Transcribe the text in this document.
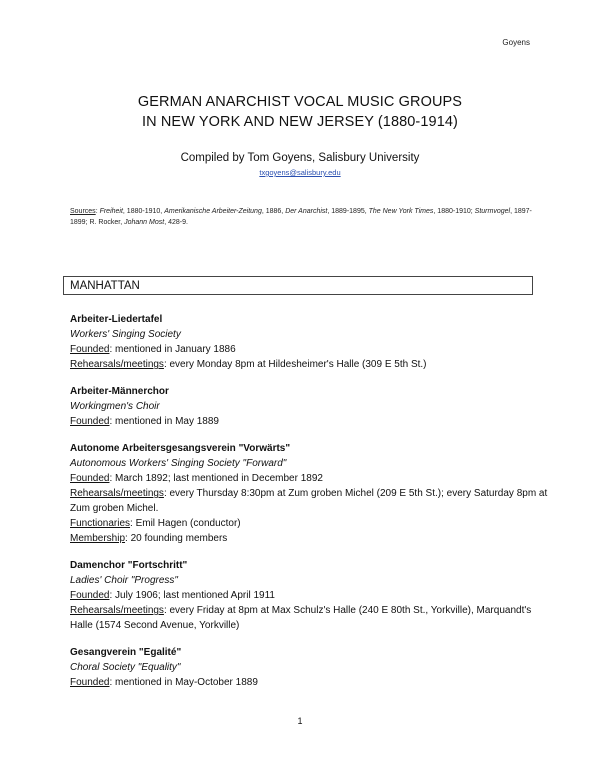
Goyens
GERMAN ANARCHIST VOCAL MUSIC GROUPS
IN NEW YORK AND NEW JERSEY (1880-1914)
Compiled by Tom Goyens, Salisbury University
txgoyens@salisbury.edu
Sources: Freiheit, 1880-1910, Amerikanische Arbeiter-Zeitung, 1886, Der Anarchist, 1889-1895, The New York Times, 1880-1910; Sturmvogel, 1897-1899; R. Rocker, Johann Most, 428-9.
MANHATTAN
Arbeiter-Liedertafel
Workers' Singing Society
Founded: mentioned in January 1886
Rehearsals/meetings: every Monday 8pm at Hildesheimer's Halle (309 E 5th St.)
Arbeiter-Männerchor
Workingmen's Choir
Founded: mentioned in May 1889
Autonome Arbeitersgesangsverein "Vorwärts"
Autonomous Workers' Singing Society "Forward"
Founded: March 1892; last mentioned in December 1892
Rehearsals/meetings: every Thursday 8:30pm at Zum groben Michel (209 E 5th St.); every Saturday 8pm at Zum groben Michel.
Functionaries: Emil Hagen (conductor)
Membership: 20 founding members
Damenchor "Fortschritt"
Ladies' Choir "Progress"
Founded: July 1906; last mentioned April 1911
Rehearsals/meetings: every Friday at 8pm at Max Schulz's Halle (240 E 80th St., Yorkville), Marquandt's Halle (1574 Second Avenue, Yorkville)
Gesangverein "Egalité"
Choral Society "Equality"
Founded: mentioned in May-October 1889
1
